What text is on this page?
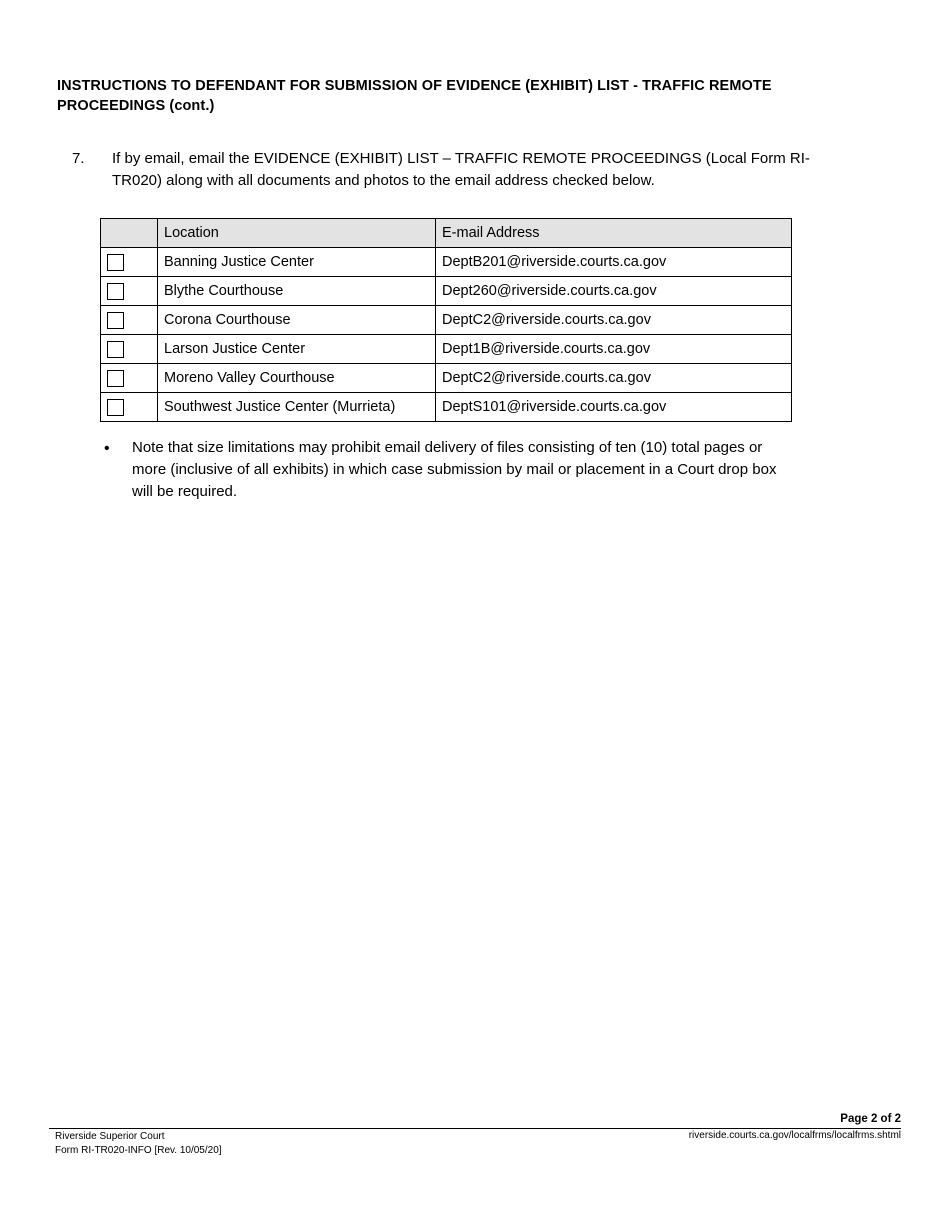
INSTRUCTIONS TO DEFENDANT FOR SUBMISSION OF EVIDENCE (EXHIBIT) LIST - TRAFFIC REMOTE PROCEEDINGS (cont.)
7.	If by email, email the EVIDENCE (EXHIBIT) LIST – TRAFFIC REMOTE PROCEEDINGS (Local Form RI-TR020) along with all documents and photos to the email address checked below.
	Location	E-mail Address
	Banning Justice Center	DeptB201@riverside.courts.ca.gov
	Blythe Courthouse	Dept260@riverside.courts.ca.gov
	Corona Courthouse	DeptC2@riverside.courts.ca.gov
	Larson Justice Center	Dept1B@riverside.courts.ca.gov
	Moreno Valley Courthouse	DeptC2@riverside.courts.ca.gov
	Southwest Justice Center (Murrieta)	DeptS101@riverside.courts.ca.gov
•	Note that size limitations may prohibit email delivery of files consisting of ten (10) total pages or more (inclusive of all exhibits) in which case submission by mail or placement in a Court drop box will be required.
Page 2 of 2
Riverside Superior Court
Form RI-TR020-INFO [Rev. 10/05/20]
riverside.courts.ca.gov/localfrms/localfrms.shtml
